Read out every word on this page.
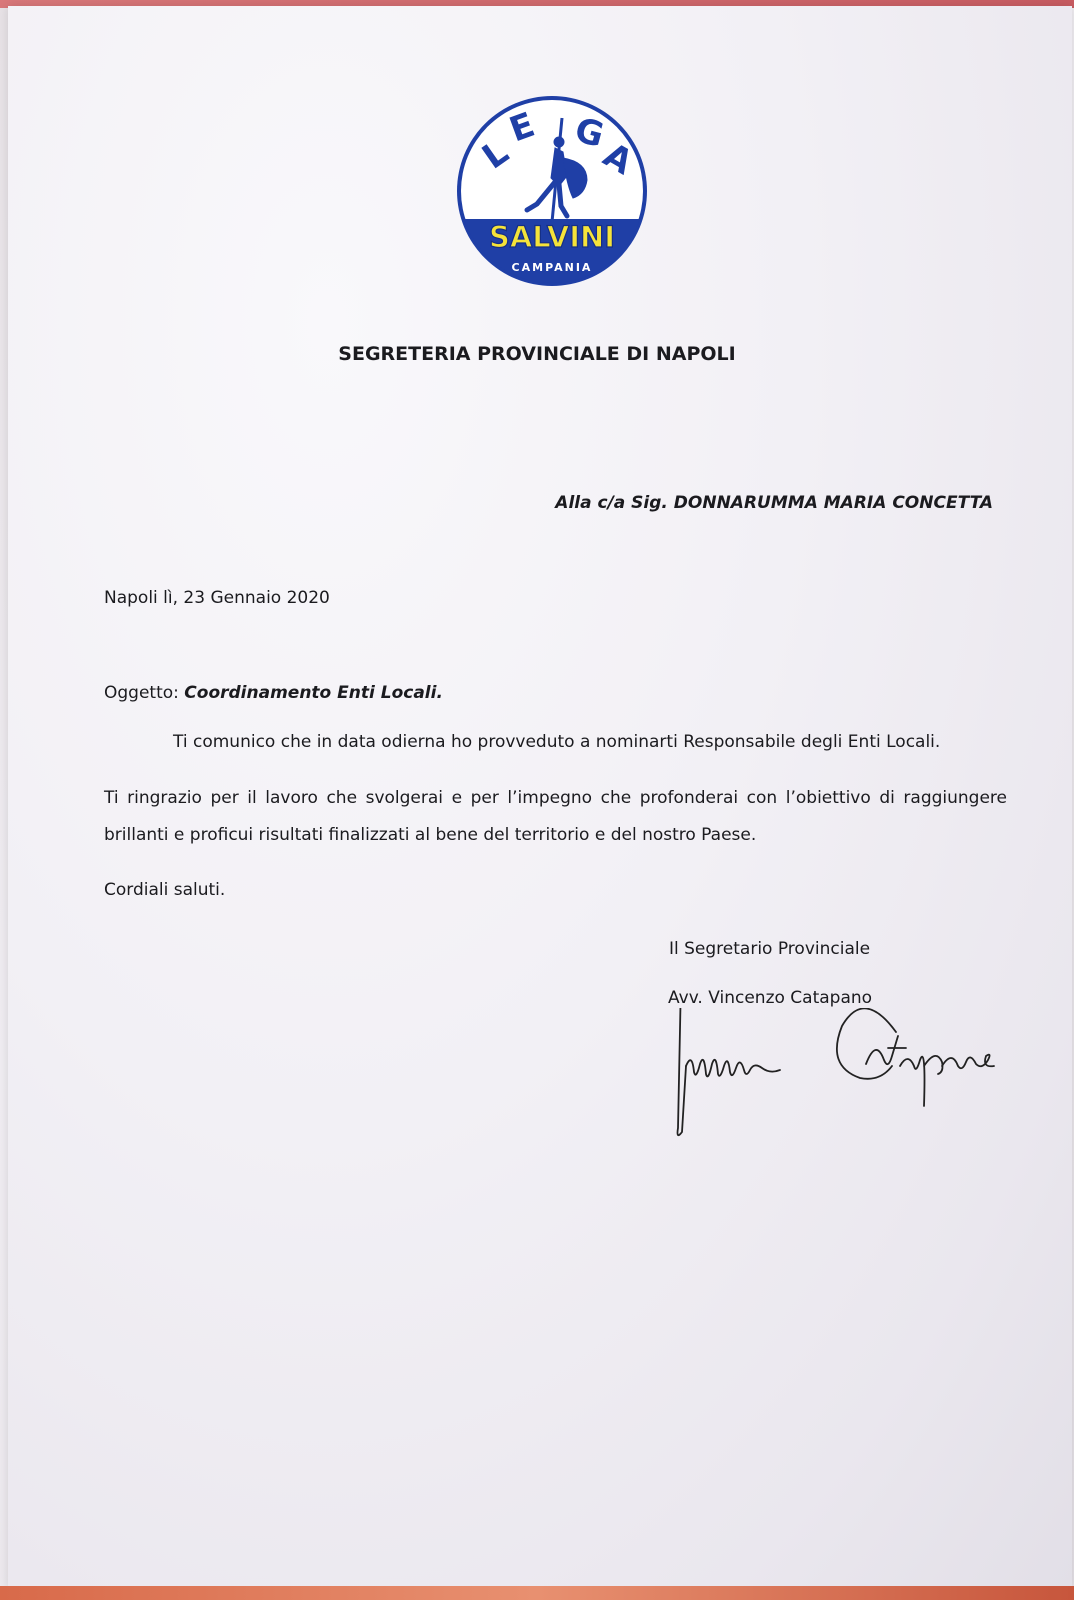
L
E G
A
SALVINI
CAMPANIA
SEGRETERIA PROVINCIALE DI NAPOLI
Alla c/a Sig. DONNARUMMA MARIA CONCETTA
Napoli lì, 23 Gennaio 2020
Oggetto: Coordinamento Enti Locali.
Ti comunico che in data odierna ho provveduto a nominarti Responsabile degli Enti Locali.
Ti ringrazio per il lavoro che svolgerai e per l’impegno che profonderai con l’obiettivo di raggiungere
brillanti e proficui risultati finalizzati al bene del territorio e del nostro Paese.
Cordiali saluti.
Il Segretario Provinciale
Avv. Vincenzo Catapano
